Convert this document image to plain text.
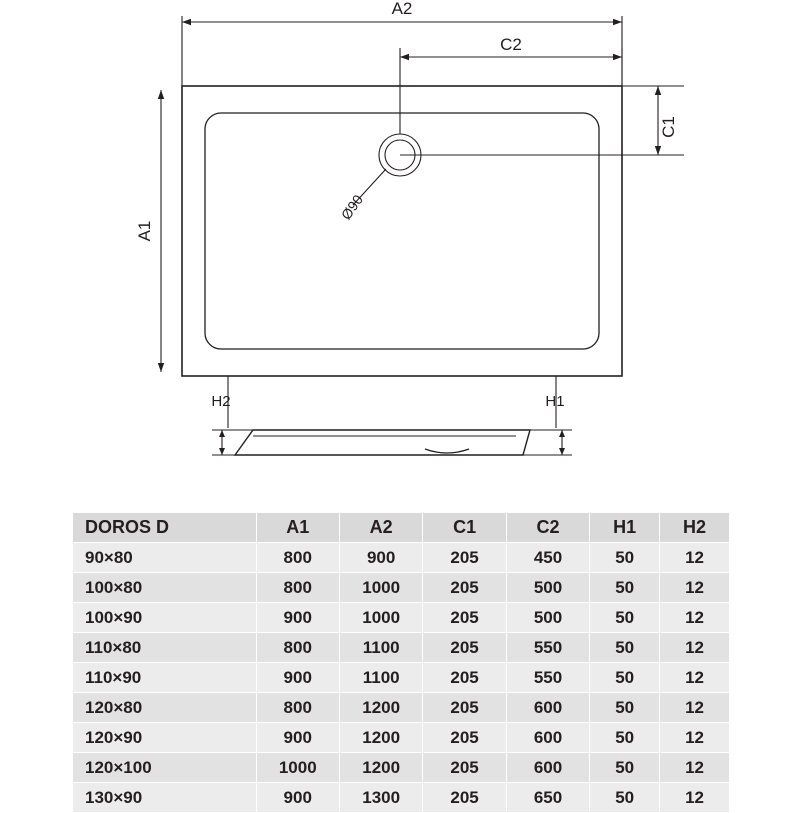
A2
C2
C1
A1
Ø90
H2	H1
DOROS D	A1	A2	C1	C2	H1	H2
90×80	800	900	205	450	50	12
100×80	800	1000	205	500	50	12
100×90	900	1000	205	500	50	12
110×80	800	1100	205	550	50	12
110×90	900	1100	205	550	50	12
120×80	800	1200	205	600	50	12
120×90	900	1200	205	600	50	12
120×100	1000	1200	205	600	50	12
130×90	900	1300	205	650	50	12
